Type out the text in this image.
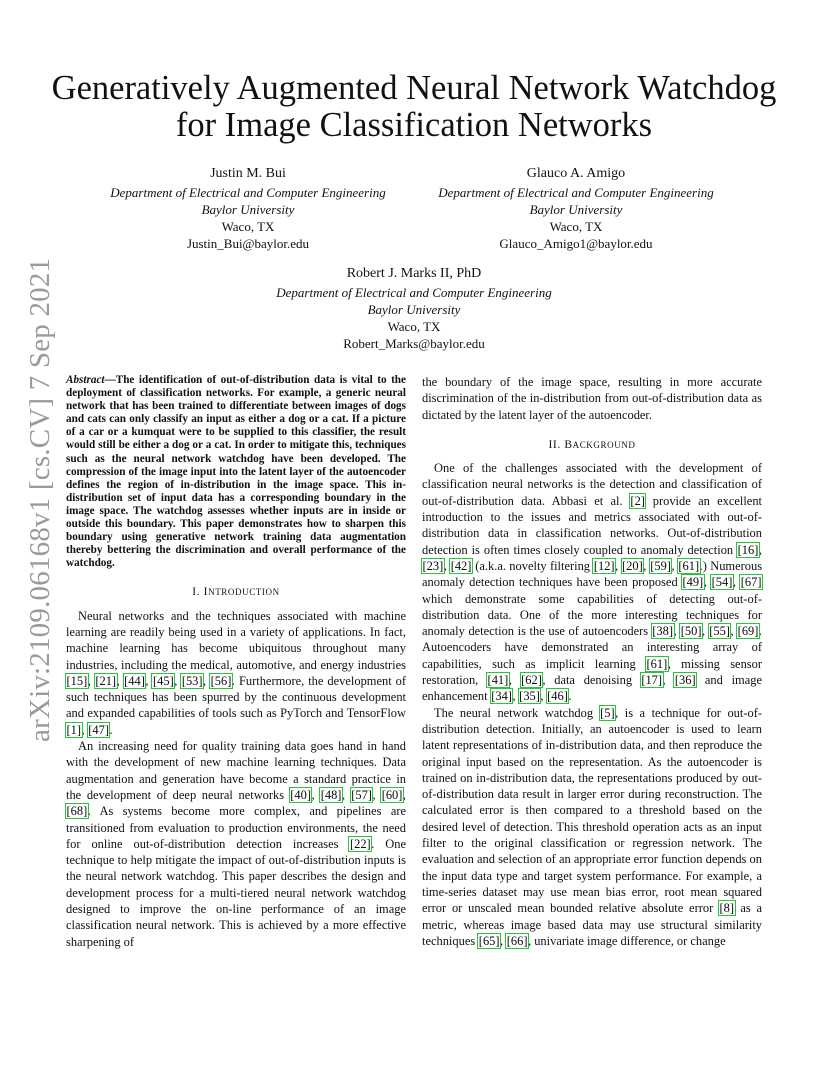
arXiv:2109.06168v1 [cs.CV] 7 Sep 2021
Generatively Augmented Neural Network Watchdog
for Image Classification Networks
Justin M. Bui
Department of Electrical and Computer Engineering
Baylor University
Waco, TX
Justin_Bui@baylor.edu
Glauco A. Amigo
Department of Electrical and Computer Engineering
Baylor University
Waco, TX
Glauco_Amigo1@baylor.edu
Robert J. Marks II, PhD
Department of Electrical and Computer Engineering
Baylor University
Waco, TX
Robert_Marks@baylor.edu
Abstract—The identification of out-of-distribution data is vital to the deployment of classification networks. For example, a generic neural network that has been trained to differentiate between images of dogs and cats can only classify an input as either a dog or a cat. If a picture of a car or a kumquat were to be supplied to this classifier, the result would still be either a dog or a cat. In order to mitigate this, techniques such as the neural network watchdog have been developed. The compression of the image input into the latent layer of the autoencoder defines the region of in-distribution in the image space. This in-distribution set of input data has a corresponding boundary in the image space. The watchdog assesses whether inputs are in inside or outside this boundary. This paper demonstrates how to sharpen this boundary using generative network training data augmentation thereby bettering the discrimination and overall performance of the watchdog.
I. INTRODUCTION

Neural networks and the techniques associated with machine learning are readily being used in a variety of applications. In fact, machine learning has become ubiquitous throughout many industries, including the medical, automotive, and energy industries [15], [21], [44], [45], [53], [56]. Furthermore, the development of such techniques has been spurred by the continuous development and expanded capabilities of tools such as PyTorch and TensorFlow [1], [47].

An increasing need for quality training data goes hand in hand with the development of new machine learning techniques. Data augmentation and generation have become a standard practice in the development of deep neural networks [40], [48], [57], [60], [68]. As systems become more complex, and pipelines are transitioned from evaluation to production environments, the need for online out-of-distribution detection increases [22]. One technique to help mitigate the impact of out-of-distribution inputs is the neural network watchdog. This paper describes the design and development process for a multi-tiered neural network watchdog designed to improve the on-line performance of an image classification neural network. This is achieved by a more effective sharpening of

the boundary of the image space, resulting in more accurate discrimination of the in-distribution from out-of-distribution data as dictated by the latent layer of the autoencoder.

II. BACKGROUND

One of the challenges associated with the development of classification neural networks is the detection and classification of out-of-distribution data. Abbasi et al. [2] provide an excellent introduction to the issues and metrics associated with out-of-distribution data in classification networks. Out-of-distribution detection is often times closely coupled to anomaly detection [16], [23], [42] (a.k.a. novelty filtering [12], [20], [59], [61].) Numerous anomaly detection techniques have been proposed [49], [54], [67] which demonstrate some capabilities of detecting out-of-distribution data. One of the more interesting techniques for anomaly detection is the use of autoencoders [38], [50], [55], [69]. Autoencoders have demonstrated an interesting array of capabilities, such as implicit learning [61], missing sensor restoration, [41], [62], data denoising [17], [36] and image enhancement [34], [35], [46].

The neural network watchdog [5], is a technique for out-of-distribution detection. Initially, an autoencoder is used to learn latent representations of in-distribution data, and then reproduce the original input based on the representation. As the autoencoder is trained on in-distribution data, the representations produced by out-of-distribution data result in larger error during reconstruction. The calculated error is then compared to a threshold based on the desired level of detection. This threshold operation acts as an input filter to the original classification or regression network. The evaluation and selection of an appropriate error function depends on the input data type and target system performance. For example, a time-series dataset may use mean bias error, root mean squared error or unscaled mean bounded relative absolute error [8] as a metric, whereas image based data may use structural similarity techniques [65], [66], univariate image difference, or change
